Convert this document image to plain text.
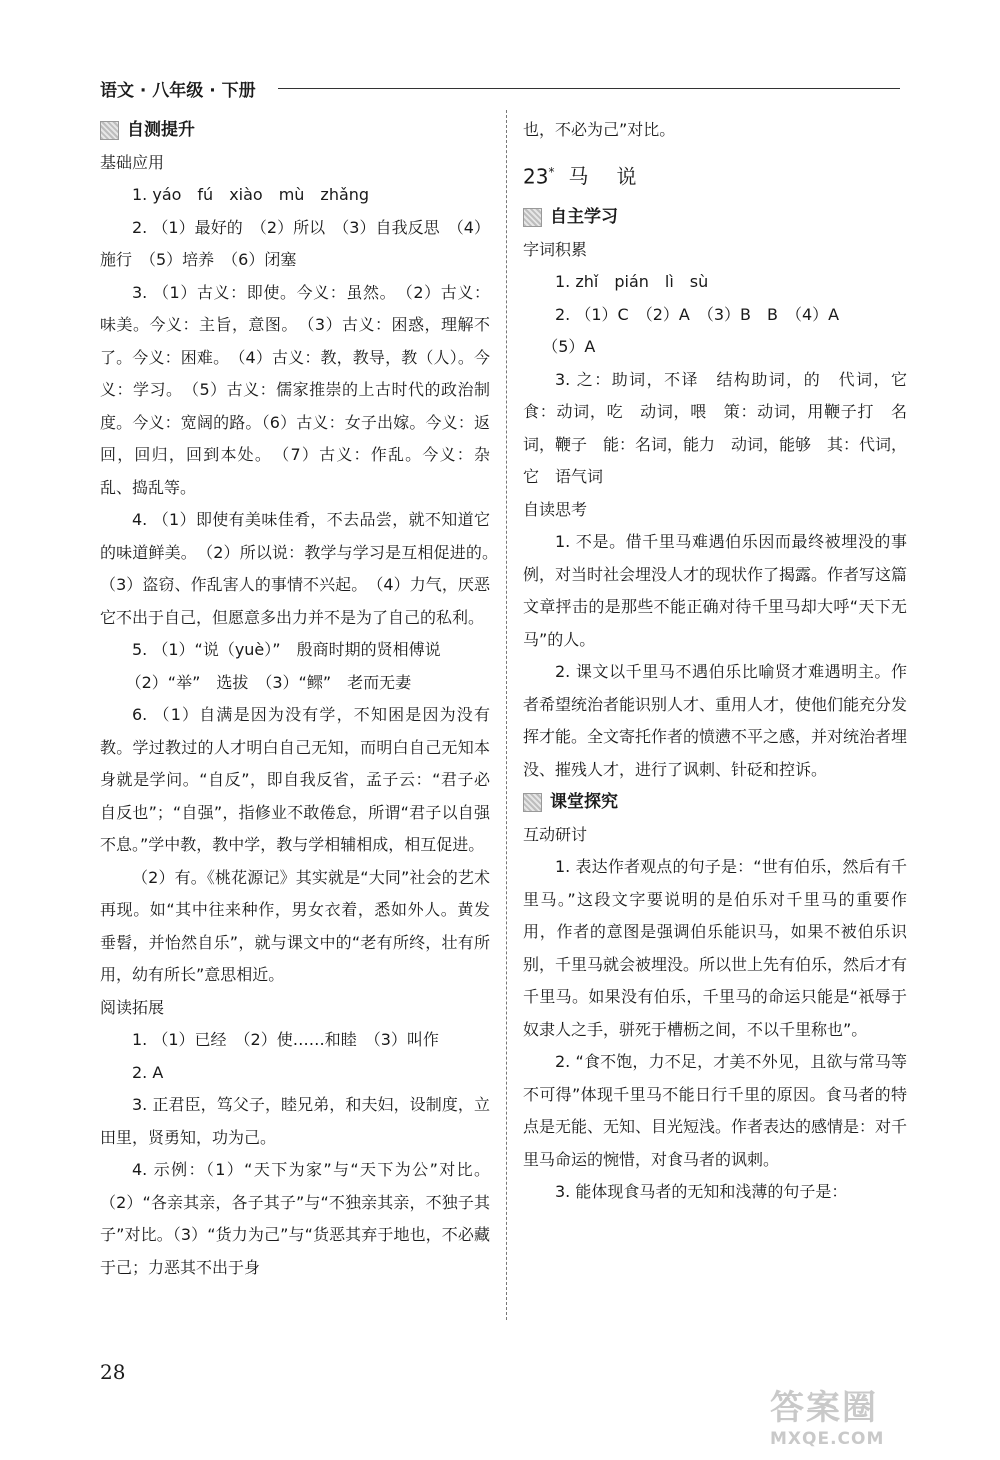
语文 · 八年级 · 下册

自测提升

基础应用

1. yáo　fú　xiào　mù　zhǎng

2. （1）最好的　（2）所以　（3）自我反思　（4）施行　（5）培养　（6）闭塞

3. （1）古义：即使。今义：虽然。　（2）古义：味美。今义：主旨，意图。　（3）古义：困惑，理解不了。今义：困难。　（4）古义：教，教导，教（人）。今义：学习。　（5）古义：儒家推崇的上古时代的政治制度。今义：宽阔的路。（6）古义：女子出嫁。今义：返回，回归，回到本处。　（7）古义：作乱。今义：杂乱、捣乱等。

4. （1）即使有美味佳肴，不去品尝，就不知道它的味道鲜美。　（2）所以说：教学与学习是互相促进的。　（3）盗窃、作乱害人的事情不兴起。　（4）力气，厌恶它不出于自己，但愿意多出力并不是为了自己的私利。

5. （1）“说（yuè）”　殷商时期的贤相傅说

（2）“举”　选拔　（3）“鳏”　老而无妻

6. （1）自满是因为没有学，不知困是因为没有教。学过教过的人才明白自己无知，而明白自己无知本身就是学问。“自反”，即自我反省，孟子云：“君子必自反也”；“自强”，指修业不敢倦怠，所谓“君子以自强不息。”学中教，教中学，教与学相辅相成，相互促进。

（2）有。《桃花源记》其实就是“大同”社会的艺术再现。如“其中往来种作，男女衣着，悉如外人。黄发垂髫，并怡然自乐”，就与课文中的“老有所终，壮有所用，幼有所长”意思相近。

阅读拓展

1. （1）已经　（2）使……和睦　（3）叫作

2. A

3. 正君臣，笃父子，睦兄弟，和夫妇，设制度，立田里，贤勇知，功为己。

4. 示例：（1）“天下为家”与“天下为公”对比。（2）“各亲其亲，各子其子”与“不独亲其亲，不独子其子”对比。（3）“货力为己”与“货恶其弃于地也，不必藏于己；力恶其不出于身

也，不必为己”对比。

23* 马 说

自主学习

字词积累

1. zhǐ　pián　lì　sù

2. （1）C　（2）A　（3）B　B　（4）A

（5）A

3. 之：助词，不译　结构助词，的　代词，它　食：动词，吃　动词，喂　策：动词，用鞭子打　名词，鞭子　能：名词，能力　动词，能够　其：代词，它　语气词

自读思考

1. 不是。借千里马难遇伯乐因而最终被埋没的事例，对当时社会埋没人才的现状作了揭露。作者写这篇文章抨击的是那些不能正确对待千里马却大呼“天下无马”的人。

2. 课文以千里马不遇伯乐比喻贤才难遇明主。作者希望统治者能识别人才、重用人才，使他们能充分发挥才能。全文寄托作者的愤懑不平之感，并对统治者埋没、摧残人才，进行了讽刺、针砭和控诉。

课堂探究

互动研讨

1. 表达作者观点的句子是：“世有伯乐，然后有千里马。”这段文字要说明的是伯乐对千里马的重要作用，作者的意图是强调伯乐能识马，如果不被伯乐识别，千里马就会被埋没。所以世上先有伯乐，然后才有千里马。如果没有伯乐，千里马的命运只能是“祇辱于奴隶人之手，骈死于槽枥之间，不以千里称也”。

2. “食不饱，力不足，才美不外见，且欲与常马等不可得”体现千里马不能日行千里的原因。食马者的特点是无能、无知、目光短浅。作者表达的感情是：对千里马命运的惋惜，对食马者的讽刺。

3. 能体现食马者的无知和浅薄的句子是：

28
答案圈
MXQE.COM
